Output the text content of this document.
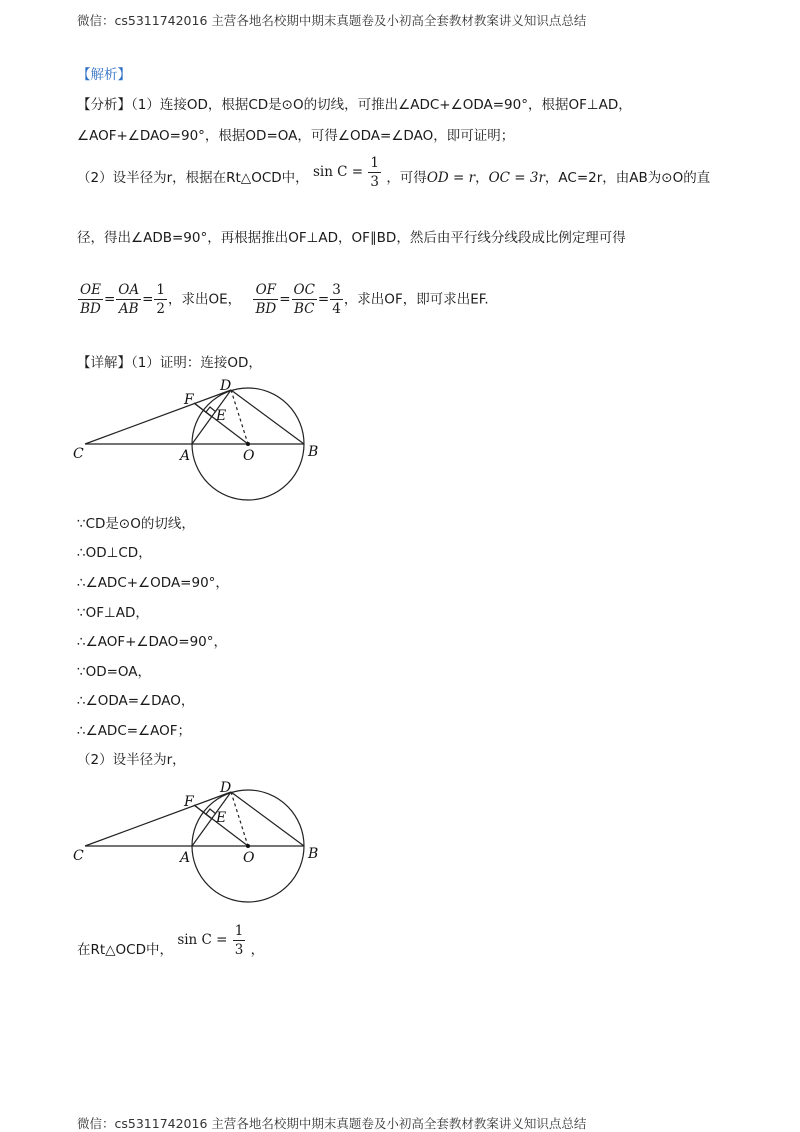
微信：cs5311742016 主营各地名校期中期末真题卷及小初高全套教材教案讲义知识点总结
【解析】
【分析】（1）连接OD，根据CD是⊙O的切线，可推出∠ADC+∠ODA=90°，根据OF⊥AD，
∠AOF+∠DAO=90°，根据OD=OA，可得∠ODA=∠DAO，即可证明；
（2）设半径为r，根据在Rt△OCD中， $\sin C = \frac{1}{3}$ ，可得OD = r，OC = 3r，AC=2r，由AB为⊙O的直
径，得出∠ADB=90°，再根据推出OF⊥AD，OF∥BD，然后由平行线分线段成比例定理可得
$\frac{OE}{BD} = \frac{OA}{AB} = \frac{1}{2}$ ，求出OE， $\frac{OF}{BD} = \frac{OC}{BC} = \frac{3}{4}$ ，求出OF，即可求出EF.
【详解】（1）证明：连接OD，
C	A	O	B
D
F
E
∵CD是⊙O的切线，
∴OD⊥CD，
∴∠ADC+∠ODA=90°，
∵OF⊥AD，
∴∠AOF+∠DAO=90°，
∵OD=OA，
∴∠ODA=∠DAO，
∴∠ADC=∠AOF；
（2）设半径为r，
C	A	O	B
D
F
E
在Rt△OCD中， $\sin C = \frac{1}{3}$ ，
微信：cs5311742016 主营各地名校期中期末真题卷及小初高全套教材教案讲义知识点总结
